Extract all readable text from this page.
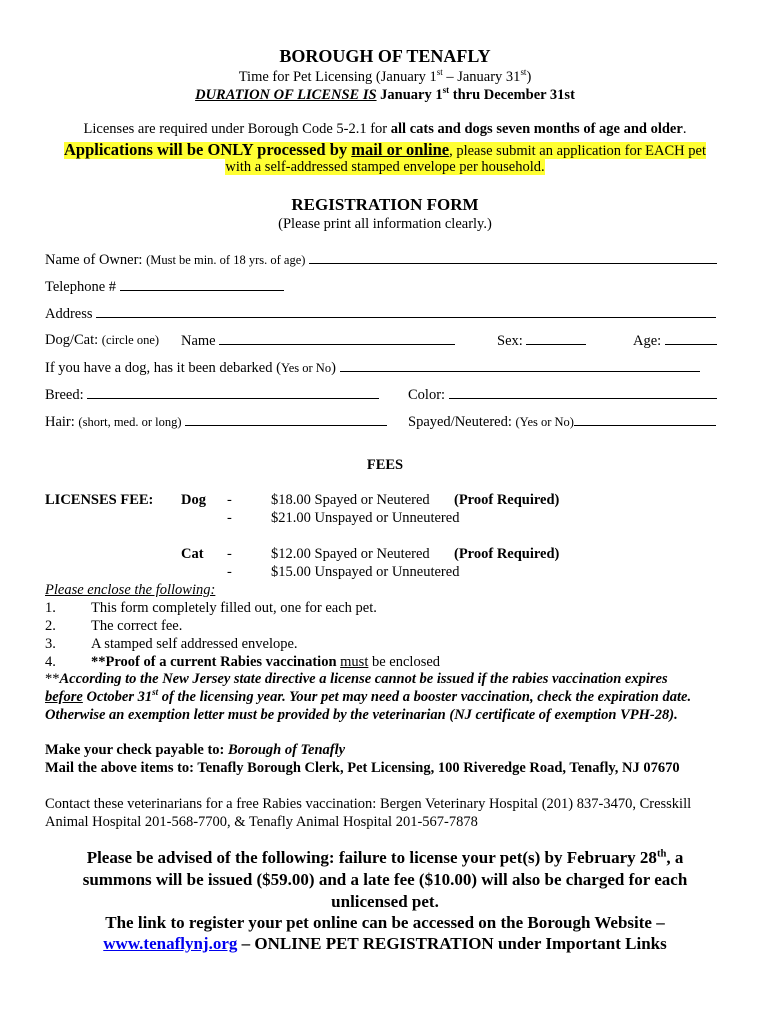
BOROUGH OF TENAFLY
Time for Pet Licensing (January 1st – January 31st)
DURATION OF LICENSE IS January 1st thru December 31st
Licenses are required under Borough Code 5-2.1 for all cats and dogs seven months of age and older.
Applications will be ONLY processed by mail or online, please submit an application for EACH pet
with a self-addressed stamped envelope per household.
REGISTRATION FORM
(Please print all information clearly.)
Name of Owner: (Must be min. of 18 yrs. of age)
Telephone #
Address
Dog/Cat: (circle one) Name	Sex:	Age:
If you have a dog, has it been debarked (Yes or No)
Breed:	Color:
Hair: (short, med. or long)	Spayed/Neutered: (Yes or No)
FEES
LICENSES FEE: Dog -	$18.00 Spayed or Neutered (Proof Required)
-	$21.00 Unspayed or Unneutered
Cat -	$12.00 Spayed or Neutered (Proof Required)
-	$15.00 Unspayed or Unneutered
Please enclose the following:
1. This form completely filled out, one for each pet.
2. The correct fee.
3. A stamped self addressed envelope.
4. **Proof of a current Rabies vaccination must be enclosed
**According to the New Jersey state directive a license cannot be issued if the rabies vaccination expires
before October 31st of the licensing year. Your pet may need a booster vaccination, check the expiration date.
Otherwise an exemption letter must be provided by the veterinarian (NJ certificate of exemption VPH-28).
Make your check payable to: Borough of Tenafly
Mail the above items to: Tenafly Borough Clerk, Pet Licensing, 100 Riveredge Road, Tenafly, NJ 07670
Contact these veterinarians for a free Rabies vaccination: Bergen Veterinary Hospital (201) 837-3470, Cresskill
Animal Hospital 201-568-7700, & Tenafly Animal Hospital 201-567-7878
Please be advised of the following: failure to license your pet(s) by February 28th, a
summons will be issued ($59.00) and a late fee ($10.00) will also be charged for each
unlicensed pet.
The link to register your pet online can be accessed on the Borough Website –
www.tenaflynj.org – ONLINE PET REGISTRATION under Important Links
